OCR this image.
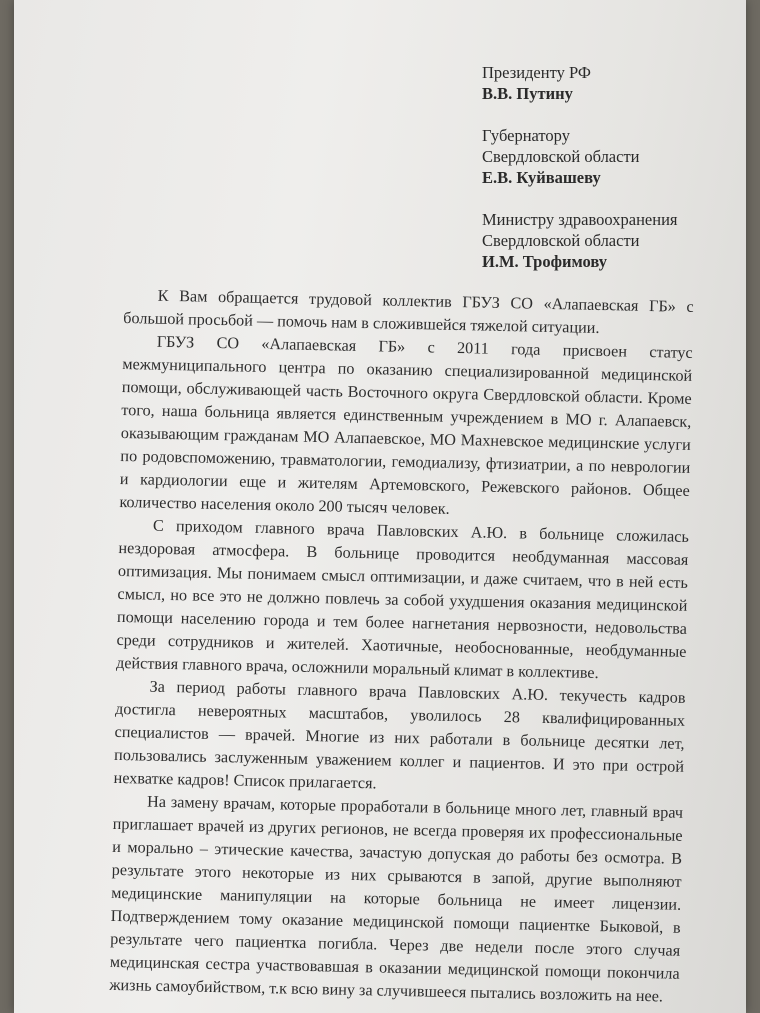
Президенту РФ
В.В. Путину
Губернатору
Свердловской области
Е.В. Куйвашеву
Министру здравоохранения
Свердловской области
И.М. Трофимову

К Вам обращается трудовой коллектив ГБУЗ СО «Алапаевская ГБ» с большой просьбой — помочь нам в сложившейся тяжелой ситуации.

ГБУЗ СО «Алапаевская ГБ» с 2011 года присвоен статус межмуниципального центра по оказанию специализированной медицинской помощи, обслуживающей часть Восточного округа Свердловской области. Кроме того, наша больница является единственным учреждением в МО г. Алапаевск, оказывающим гражданам МО Алапаевское, МО Махневское медицинские услуги по родовспоможению, травматологии, гемодиализу, фтизиатрии, а по неврологии и кардиологии еще и жителям Артемовского, Режевского районов. Общее количество населения около 200 тысяч человек.

С приходом главного врача Павловских А.Ю. в больнице сложилась нездоровая атмосфера. В больнице проводится необдуманная массовая оптимизация. Мы понимаем смысл оптимизации, и даже считаем, что в ней есть смысл, но все это не должно повлечь за собой ухудшения оказания медицинской помощи населению города и тем более нагнетания нервозности, недовольства среди сотрудников и жителей. Хаотичные, необоснованные, необдуманные действия главного врача, осложнили моральный климат в коллективе.

За период работы главного врача Павловских А.Ю. текучесть кадров достигла невероятных масштабов, уволилось 28 квалифицированных специалистов — врачей. Многие из них работали в больнице десятки лет, пользовались заслуженным уважением коллег и пациентов. И это при острой нехватке кадров! Список прилагается.

На замену врачам, которые проработали в больнице много лет, главный врач приглашает врачей из других регионов, не всегда проверяя их профессиональные и морально – этические качества, зачастую допуская до работы без осмотра. В результате этого некоторые из них срываются в запой, другие выполняют медицинские манипуляции на которые больница не имеет лицензии. Подтверждением тому оказание медицинской помощи пациентке Быковой, в результате чего пациентка погибла. Через две недели после этого случая медицинская сестра участвовавшая в оказании медицинской помощи покончила жизнь самоубийством, т.к всю вину за случившееся пытались возложить на нее.
